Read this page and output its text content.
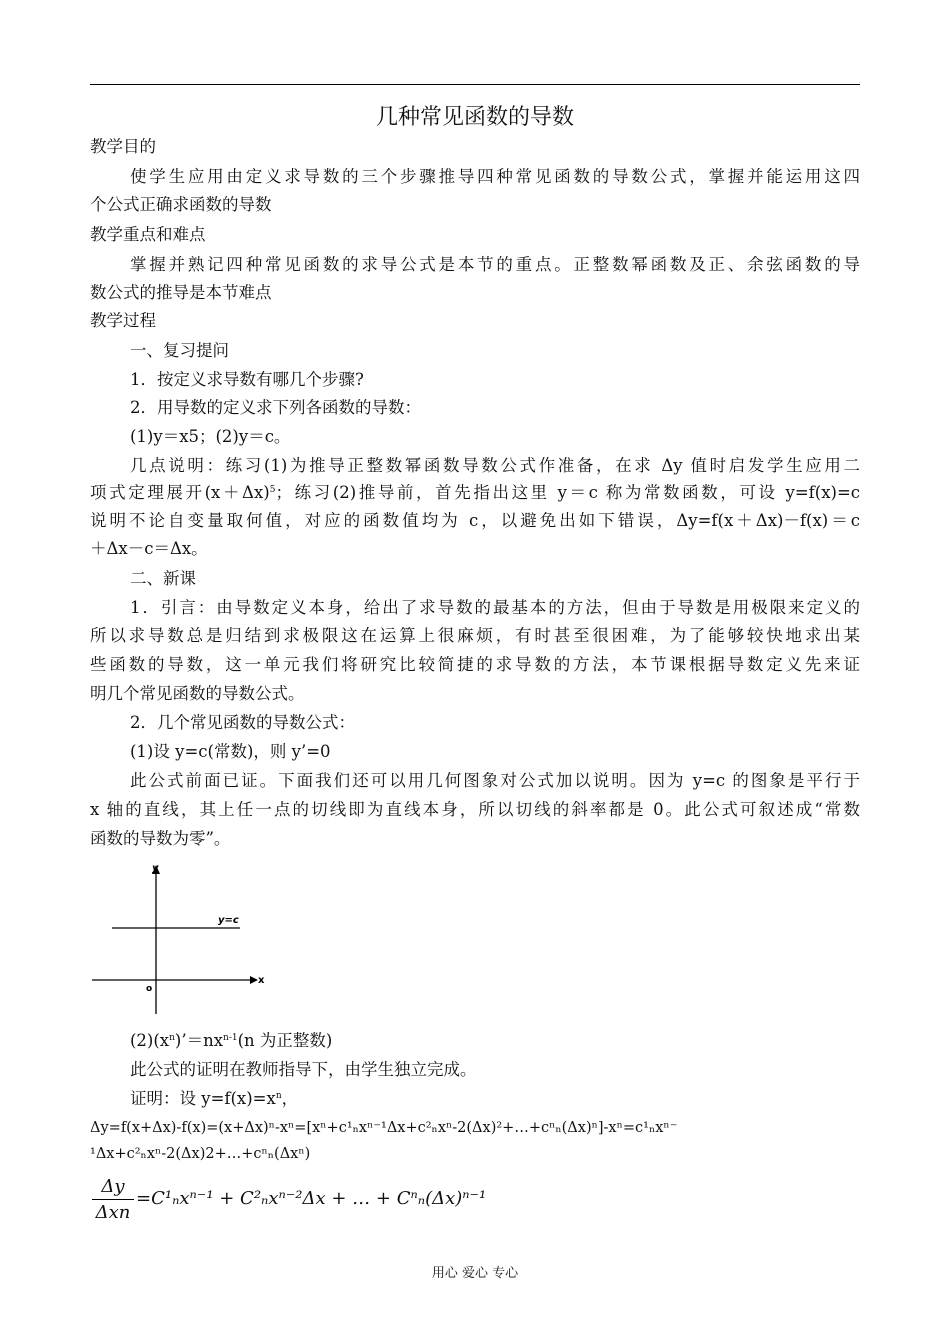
几种常见函数的导数
教学目的
使学生应用由定义求导数的三个步骤推导四种常见函数的导数公式，掌握并能运用这四
个公式正确求函数的导数
教学重点和难点
掌握并熟记四种常见函数的求导公式是本节的重点。正整数幂函数及正、余弦函数的导
数公式的推导是本节难点
教学过程
一、复习提问
1．按定义求导数有哪几个步骤?
2．用导数的定义求下列各函数的导数：
(1)y＝x5；(2)y＝c。
几点说明：练习(1)为推导正整数幂函数导数公式作准备，在求 Δy 值时启发学生应用二
项式定理展开$(x+\Delta x)^5$；练习(2)推导前，首先指出这里 y＝c 称为常数函数，可设 y=f(x)=c
说明不论自变量取何值，对应的函数值均为 c，以避免出如下错误，Δy=f(x＋Δx)－f(x)＝c
＋Δx－c＝Δx。
二、新课
1．引言：由导数定义本身，给出了求导数的最基本的方法，但由于导数是用极限来定义的
所以求导数总是归结到求极限这在运算上很麻烦，有时甚至很困难，为了能够较快地求出某
些函数的导数，这一单元我们将研究比较简捷的求导数的方法，本节课根据导数定义先来证
明几个常见函数的导数公式。
2．几个常见函数的导数公式：
(1)设 y=c(常数)，则 y’=0
此公式前面已证。下面我们还可以用几何图象对公式加以说明。因为 y=c 的图象是平行于
x 轴的直线，其上任一点的切线即为直线本身，所以切线的斜率都是 0。此公式可叙述成“常数
函数的导数为零”。
y
x
o
y=c
$(2)(x^n)’=nx^{n-1}(n$ 为正整数)
此公式的证明在教师指导下，由学生独立完成。
证明：设 $y=f(x)=x^n$，
Δy=f(x+Δx)-f(x)=(x+Δx)ⁿ-xⁿ=[xⁿ+c¹ₙxⁿ⁻¹Δx+c²ₙxⁿ-2(Δx)²+…+cⁿₙ(Δx)ⁿ]-xⁿ=c¹ₙxⁿ⁻
¹Δx+c²ₙxⁿ-2(Δx)2+…+cⁿₙ(Δxⁿ)
Δy
Δxn
=C¹ₙxⁿ⁻¹ + C²ₙxⁿ⁻²Δx + … + Cⁿₙ(Δx)ⁿ⁻¹
用心 爱心 专心
